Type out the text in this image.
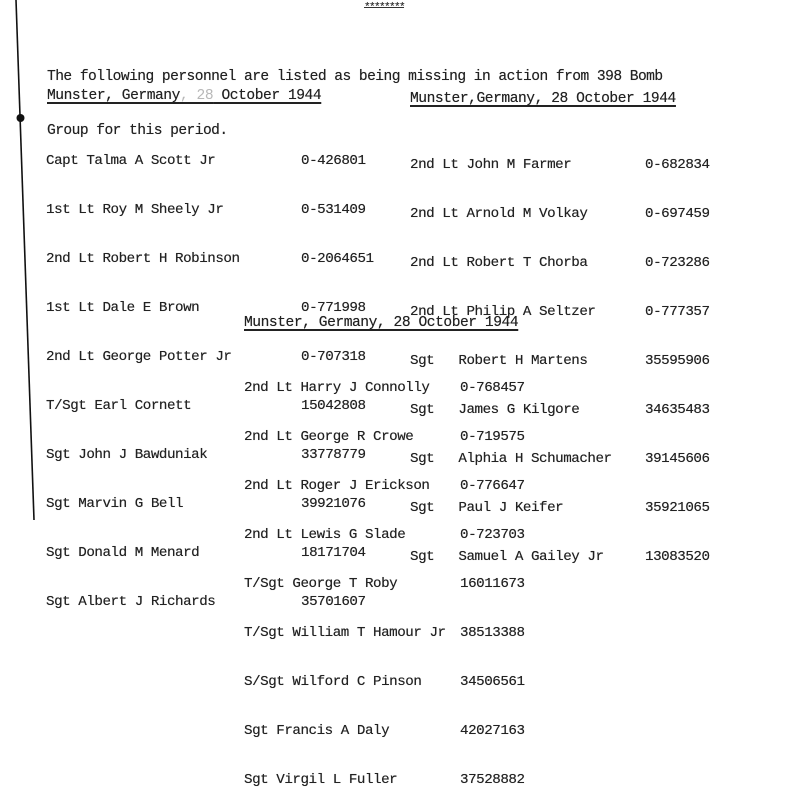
********

The following personnel are listed as being missing in action from 398 Bomb

Group for this period.

Munster, Germany, 28 October 1944

Capt Talma A Scott Jr	0-426801

1st Lt Roy M Sheely Jr	0-531409

2nd Lt Robert H Robinson	0-2064651

1st Lt Dale E Brown	0-771998

2nd Lt George Potter Jr	0-707318

T/Sgt Earl Cornett	15042808

Sgt John J Bawduniak	33778779

Sgt Marvin G Bell	39921076

Sgt Donald M Menard	18171704

Sgt Albert J Richards	35701607

Munster,Germany, 28 October 1944

2nd Lt John M Farmer	0-682834

2nd Lt Arnold M Volkay	0-697459

2nd Lt Robert T Chorba	0-723286

2nd Lt Philip A Seltzer	0-777357

Sgt   Robert H Martens	35595906

Sgt   James G Kilgore	34635483

Sgt   Alphia H Schumacher 39145606

Sgt   Paul J Keifer	35921065

Sgt   Samuel A Gailey Jr	13083520

Munster, Germany, 28 October 1944

2nd Lt Harry J Connolly 0-768457

2nd Lt George R Crowe	0-719575

2nd Lt Roger J Erickson 0-776647

2nd Lt Lewis G Slade	0-723703

T/Sgt George T Roby	16011673

T/Sgt William T Hamour Jr 38513388

S/Sgt Wilford C Pinson	34506561

Sgt Francis A Daly	42027163

Sgt Virgil L Fuller	37528882
